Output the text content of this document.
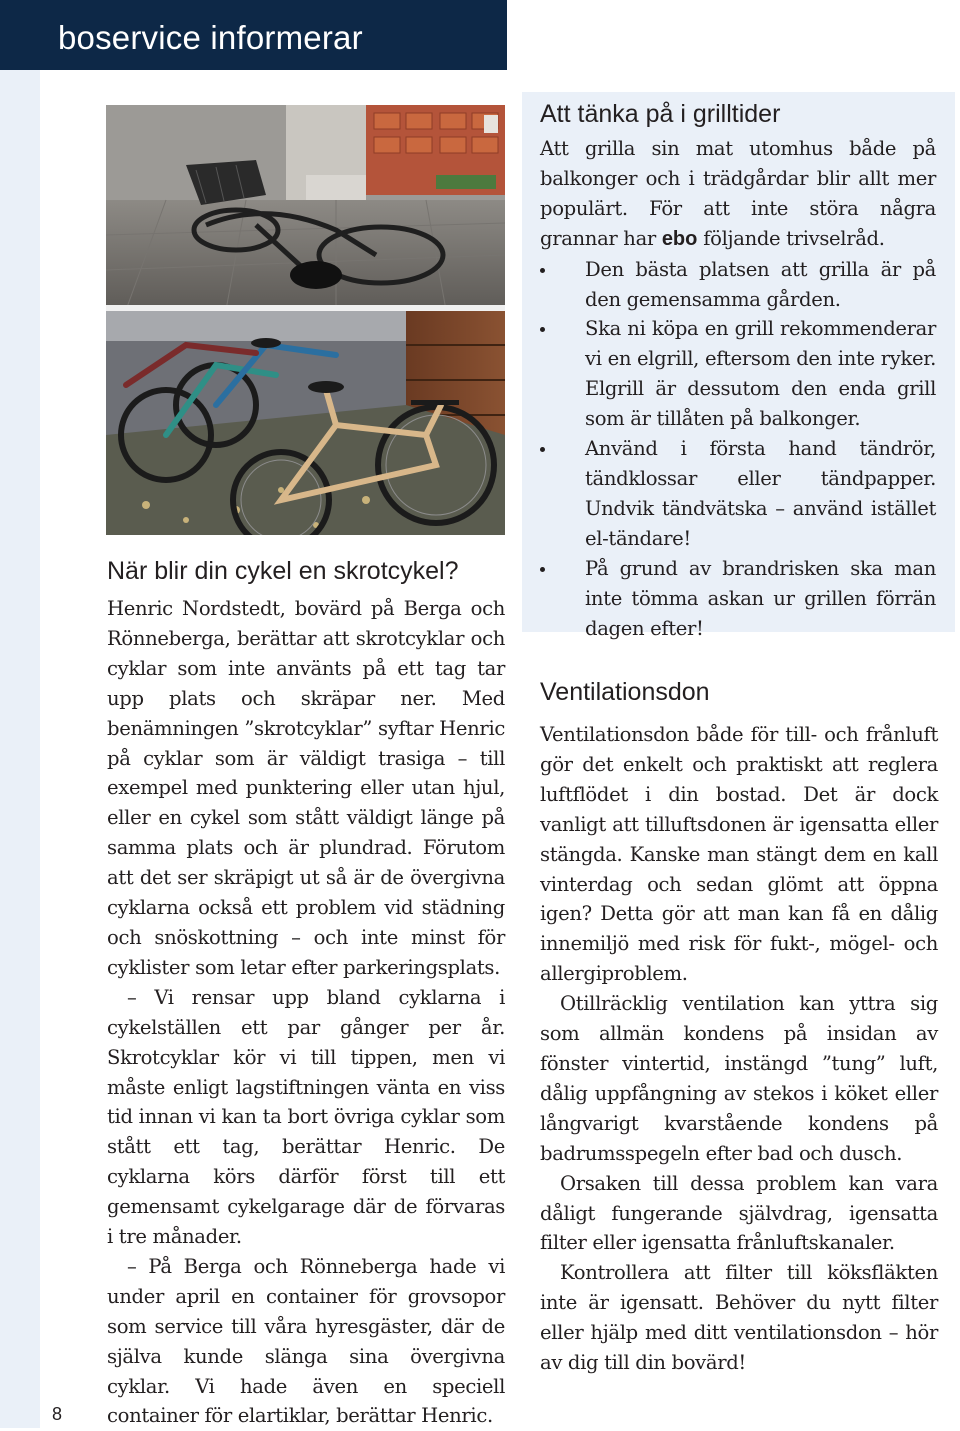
boservice informerar
8
När blir din cykel en skrotcykel?

Henric Nordstedt, bovärd på Berga och Rönneberga, berättar att skrotcyklar och cyklar som inte använts på ett tag tar upp plats och skräpar ner. Med benämningen ”skrotcyklar” syftar Henric på cyklar som är väldigt trasiga – till exempel med punktering eller utan hjul, eller en cykel som stått väldigt länge på samma plats och är plundrad. Förutom att det ser skräpigt ut så är de övergivna cyklarna också ett problem vid städning och snöskottning – och inte minst för cyklister som letar efter parkeringsplats.

– Vi rensar upp bland cyklarna i cykelställen ett par gånger per år. Skrotcyklar kör vi till tippen, men vi måste enligt lagstiftningen vänta en viss tid innan vi kan ta bort övriga cyklar som stått ett tag, berättar Henric. De cyklarna körs därför först till ett gemensamt cykelgarage där de förvaras i tre månader.

– På Berga och Rönneberga hade vi under april en container för grovsopor som service till våra hyresgäster, där de själva kunde slänga sina övergivna cyklar. Vi hade även en speciell container för elartiklar, berättar Henric.

Att tänka på i grilltider

Att grilla sin mat utomhus både på balkonger och i trädgårdar blir allt mer populärt. För att inte störa några grannar har ebo följande trivselråd.

Den bästa platsen att grilla är på den gemensamma gården.
Ska ni köpa en grill rekommenderar vi en elgrill, eftersom den inte ryker. Elgrill är dessutom den enda grill som är tillåten på balkonger.
Använd i första hand tändrör, tändklossar eller tändpapper. Undvik tändvätska – använd istället el-tändare!
På grund av brandrisken ska man inte tömma askan ur grillen förrän dagen efter!
Ventilationsdon

Ventilationsdon både för till- och frånluft gör det enkelt och praktiskt att reglera luftflödet i din bostad. Det är dock vanligt att tilluftsdonen är igensatta eller stängda. Kanske man stängt dem en kall vinterdag och sedan glömt att öppna igen? Detta gör att man kan få en dålig innemiljö med risk för fukt-, mögel- och allergiproblem.

Otillräcklig ventilation kan yttra sig som allmän kondens på insidan av fönster vintertid, instängd ”tung” luft, dålig uppfångning av stekos i köket eller långvarigt kvarstående kondens på badrumsspegeln efter bad och dusch.

Orsaken till dessa problem kan vara dåligt fungerande självdrag, igensatta filter eller igensatta frånluftskanaler.

Kontrollera att filter till köksfläkten inte är igensatt. Behöver du nytt filter eller hjälp med ditt ventilationsdon – hör av dig till din bovärd!
